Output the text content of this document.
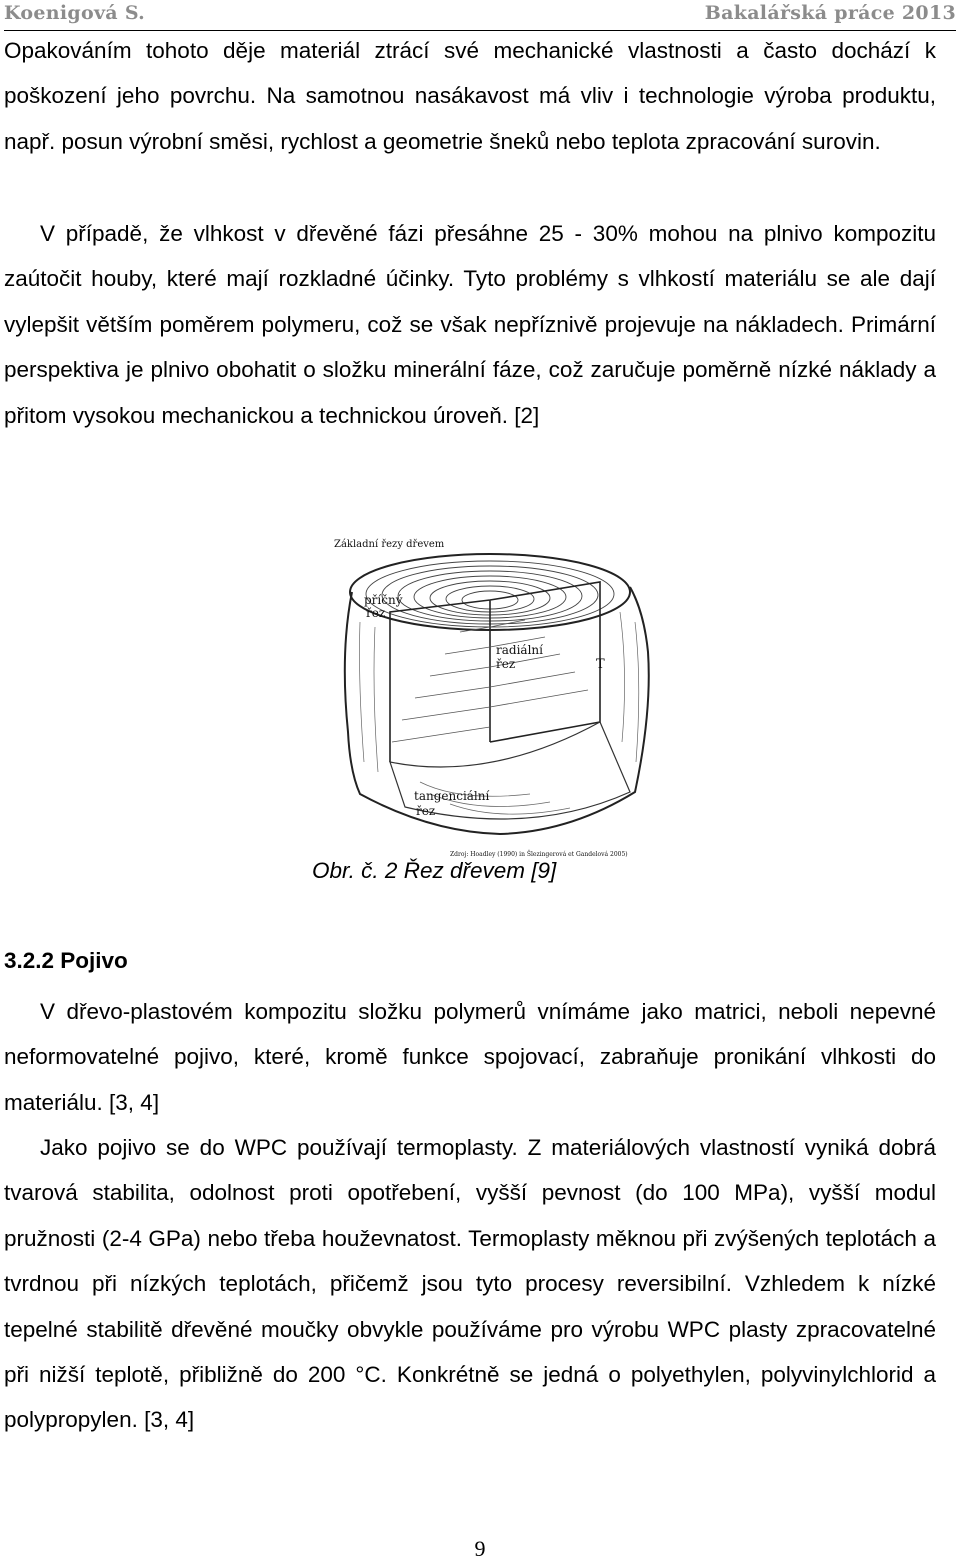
Koenigová S.	Bakalářská práce 2013

Opakováním tohoto děje materiál ztrácí své mechanické vlastnosti a často dochází k poškození jeho povrchu. Na samotnou nasákavost má vliv i technologie výroba produktu, např. posun výrobní směsi, rychlost a geometrie šneků nebo teplota zpracování surovin.

V případě, že vlhkost v dřevěné fázi přesáhne 25 - 30% mohou na plnivo kompozitu zaútočit houby, které mají rozkladné účinky. Tyto problémy s vlhkostí materiálu se ale dají vylepšit větším poměrem polymeru, což se však nepříznivě projevuje na nákladech. Primární perspektiva je plnivo obohatit o složku minerální fáze, což zaručuje poměrně nízké náklady a přitom vysokou mechanickou a technickou úroveň. [2]

Základní řezy dřevem
příčný
řez
radiální
řez	T
tangenciální
řez
Zdroj: Hoadley (1990) in Šlezingerová et Gandelová 2005)

Obr. č. 2 Řez dřevem [9]

3.2.2 Pojivo

V dřevo-plastovém kompozitu složku polymerů vnímáme jako matrici, neboli nepevné neformovatelné pojivo, které, kromě funkce spojovací, zabraňuje pronikání vlhkosti do materiálu. [3, 4]

Jako pojivo se do WPC používají termoplasty. Z materiálových vlastností vyniká dobrá tvarová stabilita, odolnost proti opotřebení, vyšší pevnost (do 100 MPa), vyšší modul pružnosti (2-4 GPa) nebo třeba houževnatost. Termoplasty měknou při zvýšených teplotách a tvrdnou při nízkých teplotách, přičemž jsou tyto procesy reversibilní. Vzhledem k nízké tepelné stabilitě dřevěné moučky obvykle používáme pro výrobu WPC plasty zpracovatelné při nižší teplotě, přibližně do 200 °C. Konkrétně se jedná o polyethylen, polyvinylchlorid a polypropylen. [3, 4]

9
